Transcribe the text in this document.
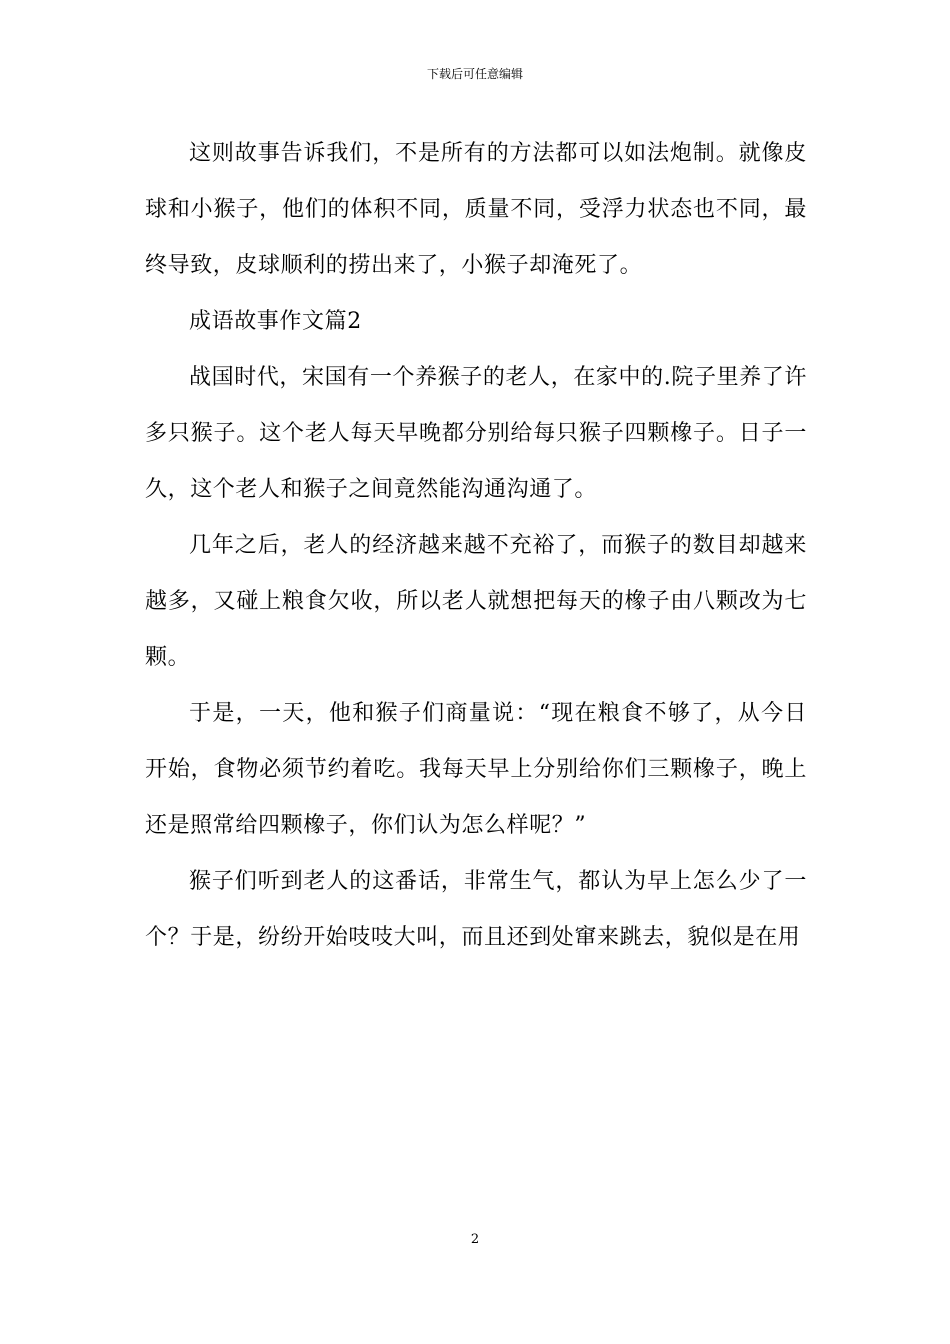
下载后可任意编辑

这则故事告诉我们，不是所有的方法都可以如法炮制。就像皮球和小猴子，他们的体积不同，质量不同，受浮力状态也不同，最终导致，皮球顺利的捞出来了，小猴子却淹死了。

成语故事作文篇2

战国时代，宋国有一个养猴子的老人，在家中的.院子里养了许多只猴子。这个老人每天早晚都分别给每只猴子四颗橡子。日子一久，这个老人和猴子之间竟然能沟通沟通了。

几年之后，老人的经济越来越不充裕了，而猴子的数目却越来越多，又碰上粮食欠收，所以老人就想把每天的橡子由八颗改为七颗。

于是，一天，他和猴子们商量说：“现在粮食不够了，从今日开始，食物必须节约着吃。我每天早上分别给你们三颗橡子，晚上还是照常给四颗橡子，你们认为怎么样呢？”

猴子们听到老人的这番话，非常生气，都认为早上怎么少了一个？于是，纷纷开始吱吱大叫，而且还到处窜来跳去，貌似是在用

2
